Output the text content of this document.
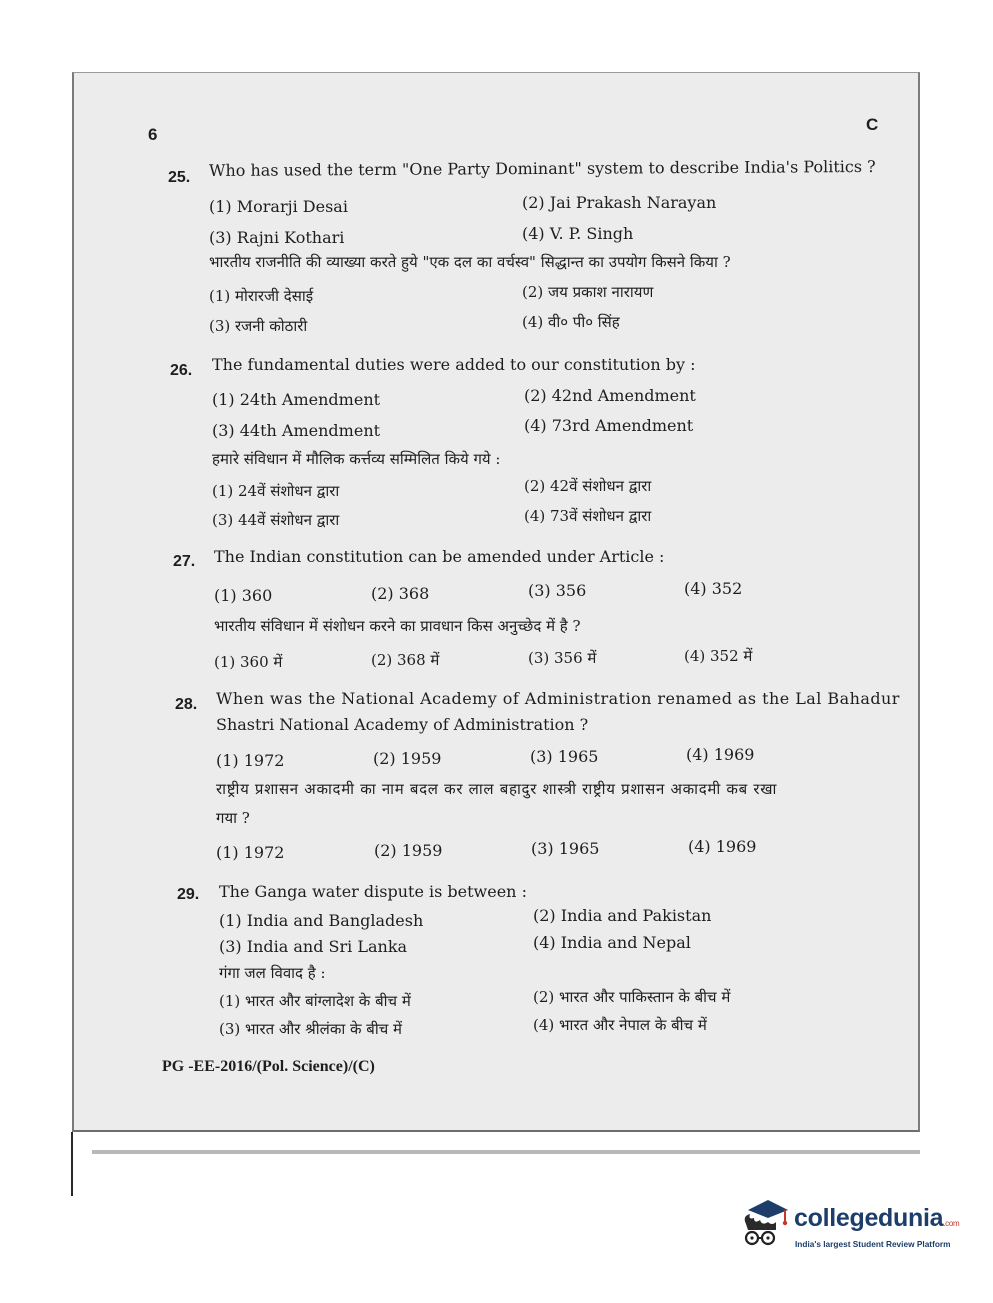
6
C
25. Who has used the term "One Party Dominant" system to describe India's Politics ?
(1) Morarji Desai	(2) Jai Prakash Narayan
(3) Rajni Kothari	(4) V. P. Singh
भारतीय राजनीति की व्याख्या करते हुये "एक दल का वर्चस्व" सिद्धान्त का उपयोग किसने किया ?
(1) मोरारजी देसाई	(2) जय प्रकाश नारायण
(3) रजनी कोठारी	(4) वी० पी० सिंह
26. The fundamental duties were added to our constitution by :
(1) 24th Amendment	(2) 42nd Amendment
(3) 44th Amendment	(4) 73rd Amendment
हमारे संविधान में मौलिक कर्त्तव्य सम्मिलित किये गये :
(1) 24वें संशोधन द्वारा	(2) 42वें संशोधन द्वारा
(3) 44वें संशोधन द्वारा	(4) 73वें संशोधन द्वारा
27. The Indian constitution can be amended under Article :
(1) 360	(2) 368	(3) 356	(4) 352
भारतीय संविधान में संशोधन करने का प्रावधान किस अनुच्छेद में है ?
(1) 360 में	(2) 368 में	(3) 356 में	(4) 352 में
28. When was the National Academy of Administration renamed as the Lal Bahadur
Shastri National Academy of Administration ?
(1) 1972	(2) 1959	(3) 1965	(4) 1969
राष्ट्रीय प्रशासन अकादमी का नाम बदल कर लाल बहादुर शास्त्री राष्ट्रीय प्रशासन अकादमी कब रखा
गया ?
(1) 1972	(2) 1959	(3) 1965	(4) 1969
29. The Ganga water dispute is between :
(1) India and Bangladesh	(2) India and Pakistan
(3) India and Sri Lanka	(4) India and Nepal
गंगा जल विवाद है :
(1) भारत और बांग्लादेश के बीच में	(2) भारत और पाकिस्तान के बीच में
(3) भारत और श्रीलंका के बीच में	(4) भारत और नेपाल के बीच में
PG -EE-2016/(Pol. Science)/(C)
collegedunia.com
India's largest Student Review Platform
